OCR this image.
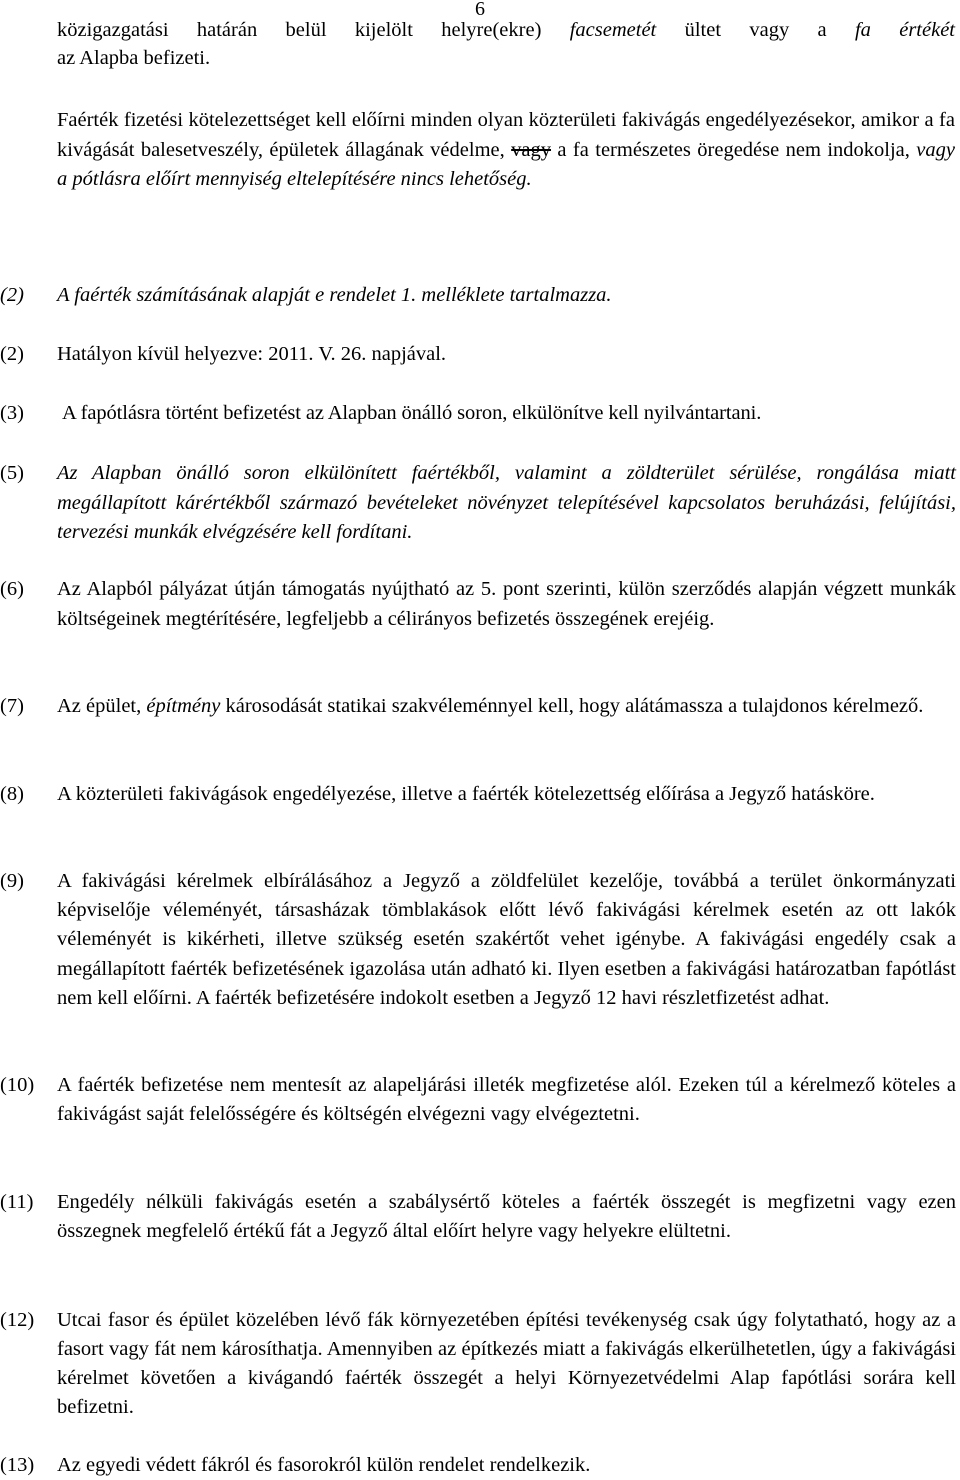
6
közigazgatási határán belül kijelölt helyre(ekre) facsemetét ültet vagy a fa értékét
az Alapba befizeti.
Faérték fizetési kötelezettséget kell előírni minden olyan közterületi fakivágás engedélyezésekor, amikor a fa kivágását balesetveszély, épületek állagának védelme, vagy a fa természetes öregedése nem indokolja, vagy a pótlásra előírt mennyiség eltelepítésére nincs lehetőség.
(2) A faérték számításának alapját e rendelet 1. melléklete tartalmazza.
(2) Hatályon kívül helyezve: 2011. V. 26. napjával.
(3) A fapótlásra történt befizetést az Alapban önálló soron, elkülönítve kell nyilvántartani.
(5) Az Alapban önálló soron elkülönített faértékből, valamint a zöldterület sérülése, rongálása miatt megállapított kárértékből származó bevételeket növényzet telepítésével kapcsolatos beruházási, felújítási, tervezési munkák elvégzésére kell fordítani.
(6) Az Alapból pályázat útján támogatás nyújtható az 5. pont szerinti, külön szerződés alapján végzett munkák költségeinek megtérítésére, legfeljebb a célirányos befizetés összegének erejéig.
(7) Az épület, építmény károsodását statikai szakvéleménnyel kell, hogy alátámassza a tulajdonos kérelmező.
(8) A közterületi fakivágások engedélyezése, illetve a faérték kötelezettség előírása a Jegyző hatásköre.
(9) A fakivágási kérelmek elbírálásához a Jegyző a zöldfelület kezelője, továbbá a terület önkormányzati képviselője véleményét, társasházak tömblakások előtt lévő fakivágási kérelmek esetén az ott lakók véleményét is kikérheti, illetve szükség esetén szakértőt vehet igénybe. A fakivágási engedély csak a megállapított faérték befizetésének igazolása után adható ki. Ilyen esetben a fakivágási határozatban fapótlást nem kell előírni. A faérték befizetésére indokolt esetben a Jegyző 12 havi részletfizetést adhat.
(10) A faérték befizetése nem mentesít az alapeljárási illeték megfizetése alól. Ezeken túl a kérelmező köteles a fakivágást saját felelősségére és költségén elvégezni vagy elvégeztetni.
(11) Engedély nélküli fakivágás esetén a szabálysértő köteles a faérték összegét is megfizetni vagy ezen összegnek megfelelő értékű fát a Jegyző által előírt helyre vagy helyekre elültetni.
(12) Utcai fasor és épület közelében lévő fák környezetében építési tevékenység csak úgy folytatható, hogy az a fasort vagy fát nem károsíthatja. Amennyiben az építkezés miatt a fakivágás elkerülhetetlen, úgy a fakivágási kérelmet követően a kivágandó faérték összegét a helyi Környezetvédelmi Alap fapótlási sorára kell befizetni.
(13) Az egyedi védett fákról és fasorokról külön rendelet rendelkezik.
